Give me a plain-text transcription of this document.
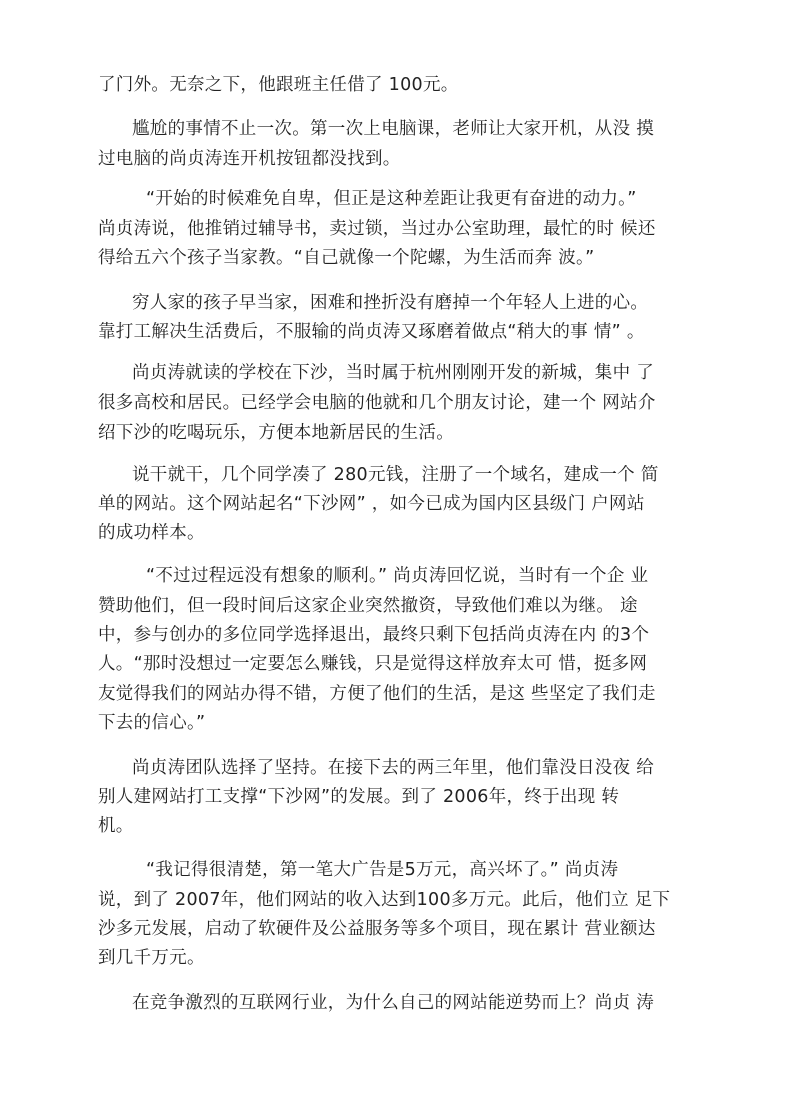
了门外。无奈之下，他跟班主任借了 100元。
尴尬的事情不止一次。第一次上电脑课，老师让大家开机，从没 摸
过电脑的尚贞涛连开机按钮都没找到。
“开始的时候难免自卑，但正是这种差距让我更有奋进的动力。”
尚贞涛说，他推销过辅导书，卖过锁，当过办公室助理，最忙的时 候还
得给五六个孩子当家教。“自己就像一个陀螺，为生活而奔 波。”
穷人家的孩子早当家，困难和挫折没有磨掉一个年轻人上进的心。
靠打工解决生活费后，不服输的尚贞涛又琢磨着做点“稍大的事 情” 。
尚贞涛就读的学校在下沙，当时属于杭州刚刚开发的新城，集中 了
很多高校和居民。已经学会电脑的他就和几个朋友讨论，建一个 网站介
绍下沙的吃喝玩乐，方便本地新居民的生活。
说干就干，几个同学凑了 280元钱，注册了一个域名，建成一个 简
单的网站。这个网站起名“下沙网” ，如今已成为国内区县级门 户网站
的成功样本。
“不过过程远没有想象的顺利。” 尚贞涛回忆说，当时有一个企 业
赞助他们，但一段时间后这家企业突然撤资，导致他们难以为继。 途
中，参与创办的多位同学选择退出，最终只剩下包括尚贞涛在内 的3个
人。“那时没想过一定要怎么赚钱，只是觉得这样放弃太可 惜，挺多网
友觉得我们的网站办得不错，方便了他们的生活，是这 些坚定了我们走
下去的信心。”
尚贞涛团队选择了坚持。在接下去的两三年里，他们靠没日没夜 给
别人建网站打工支撑“下沙网”的发展。到了 2006年，终于出现 转
机。
“我记得很清楚，第一笔大广告是5万元，高兴坏了。” 尚贞涛
说，到了 2007年，他们网站的收入达到100多万元。此后，他们立 足下
沙多元发展，启动了软硬件及公益服务等多个项目，现在累计 营业额达
到几千万元。
在竞争激烈的互联网行业，为什么自己的网站能逆势而上？尚贞 涛
